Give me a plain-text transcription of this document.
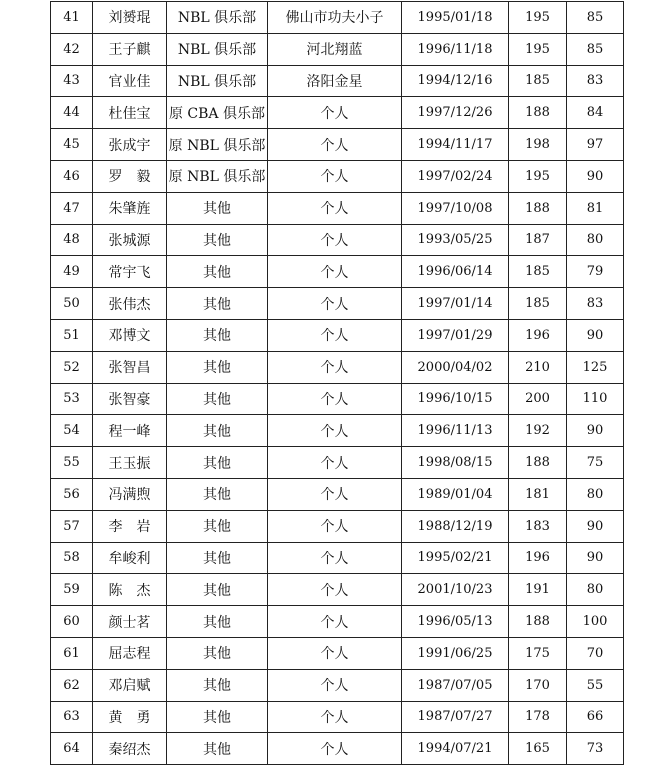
41	刘赟琨	NBL 俱乐部	佛山市功夫小子	1995/01/18	195	85
42	王子麒	NBL 俱乐部	河北翔蓝	1996/11/18	195	85
43	官业佳	NBL 俱乐部	洛阳金星	1994/12/16	185	83
44	杜佳宝	原 CBA 俱乐部	个人	1997/12/26	188	84
45	张成宇	原 NBL 俱乐部	个人	1994/11/17	198	97
46	罗　毅	原 NBL 俱乐部	个人	1997/02/24	195	90
47	朱肇旌	其他	个人	1997/10/08	188	81
48	张城源	其他	个人	1993/05/25	187	80
49	常宇飞	其他	个人	1996/06/14	185	79
50	张伟杰	其他	个人	1997/01/14	185	83
51	邓博文	其他	个人	1997/01/29	196	90
52	张智昌	其他	个人	2000/04/02	210	125
53	张智豪	其他	个人	1996/10/15	200	110
54	程一峰	其他	个人	1996/11/13	192	90
55	王玉振	其他	个人	1998/08/15	188	75
56	冯满煦	其他	个人	1989/01/04	181	80
57	李　岩	其他	个人	1988/12/19	183	90
58	牟峻利	其他	个人	1995/02/21	196	90
59	陈　杰	其他	个人	2001/10/23	191	80
60	颜士茗	其他	个人	1996/05/13	188	100
61	屈志程	其他	个人	1991/06/25	175	70
62	邓启赋	其他	个人	1987/07/05	170	55
63	黄　勇	其他	个人	1987/07/27	178	66
64	秦绍杰	其他	个人	1994/07/21	165	73
